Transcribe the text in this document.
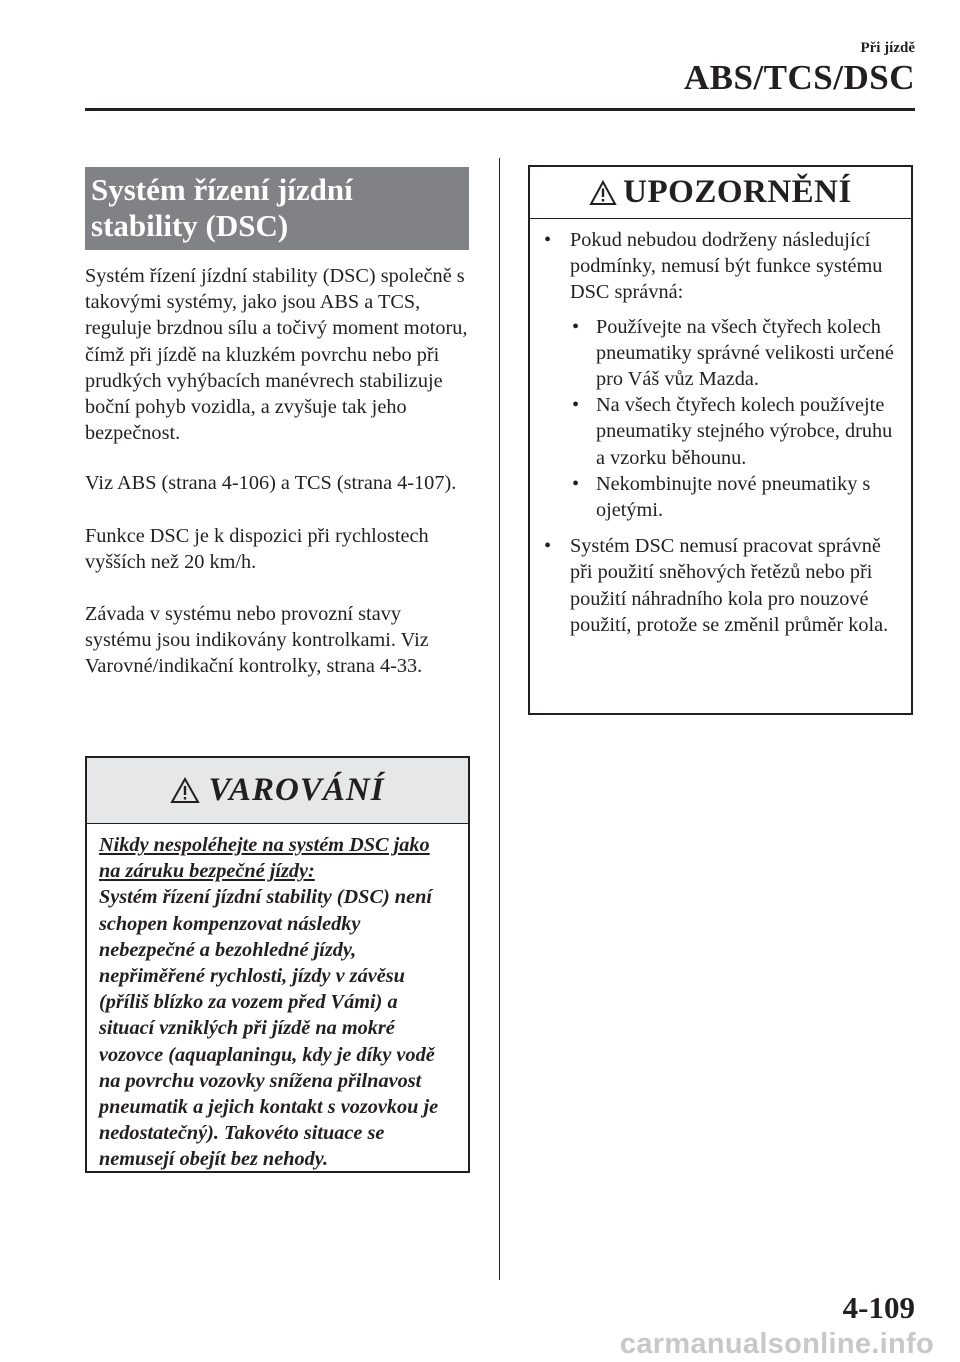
Při jízdě
ABS/TCS/DSC
Systém řízení jízdní
stability (DSC)

Systém řízení jízdní stability (DSC) společně s takovými systémy, jako jsou ABS a TCS, reguluje brzdnou sílu a točivý moment motoru, čímž při jízdě na kluzkém povrchu nebo při prudkých vyhýbacích manévrech stabilizuje boční pohyb vozidla, a zvyšuje tak jeho bezpečnost.

Viz ABS (strana 4-106) a TCS (strana 4-107).

Funkce DSC je k dispozici při rychlostech vyšších než 20 km/h.

Závada v systému nebo provozní stavy systému jsou indikovány kontrolkami. Viz Varovné/indikační kontrolky, strana 4-33.

VAROVÁNÍ
Nikdy nespoléhejte na systém DSC jako na záruku bezpečné jízdy:
Systém řízení jízdní stability (DSC) není schopen kompenzovat následky nebezpečné a bezohledné jízdy, nepřiměřené rychlosti, jízdy v závěsu (příliš blízko za vozem před Vámi) a situací vzniklých při jízdě na mokré vozovce (aquaplaningu, kdy je díky vodě na povrchu vozovky snížena přilnavost pneumatik a jejich kontakt s vozovkou je nedostatečný). Takovéto situace se nemusejí obejít bez nehody.
UPOZORNĚNÍ
• Pokud nebudou dodrženy následující podmínky, nemusí být funkce systému DSC správná:
• Používejte na všech čtyřech kolech pneumatiky správné velikosti určené pro Váš vůz Mazda.
• Na všech čtyřech kolech používejte pneumatiky stejného výrobce, druhu a vzorku běhounu.
• Nekombinujte nové pneumatiky s ojetými.
• Systém DSC nemusí pracovat správně při použití sněhových řetězů nebo při použití náhradního kola pro nouzové použití, protože se změnil průměr kola.
4-109
carmanualsonline.info
